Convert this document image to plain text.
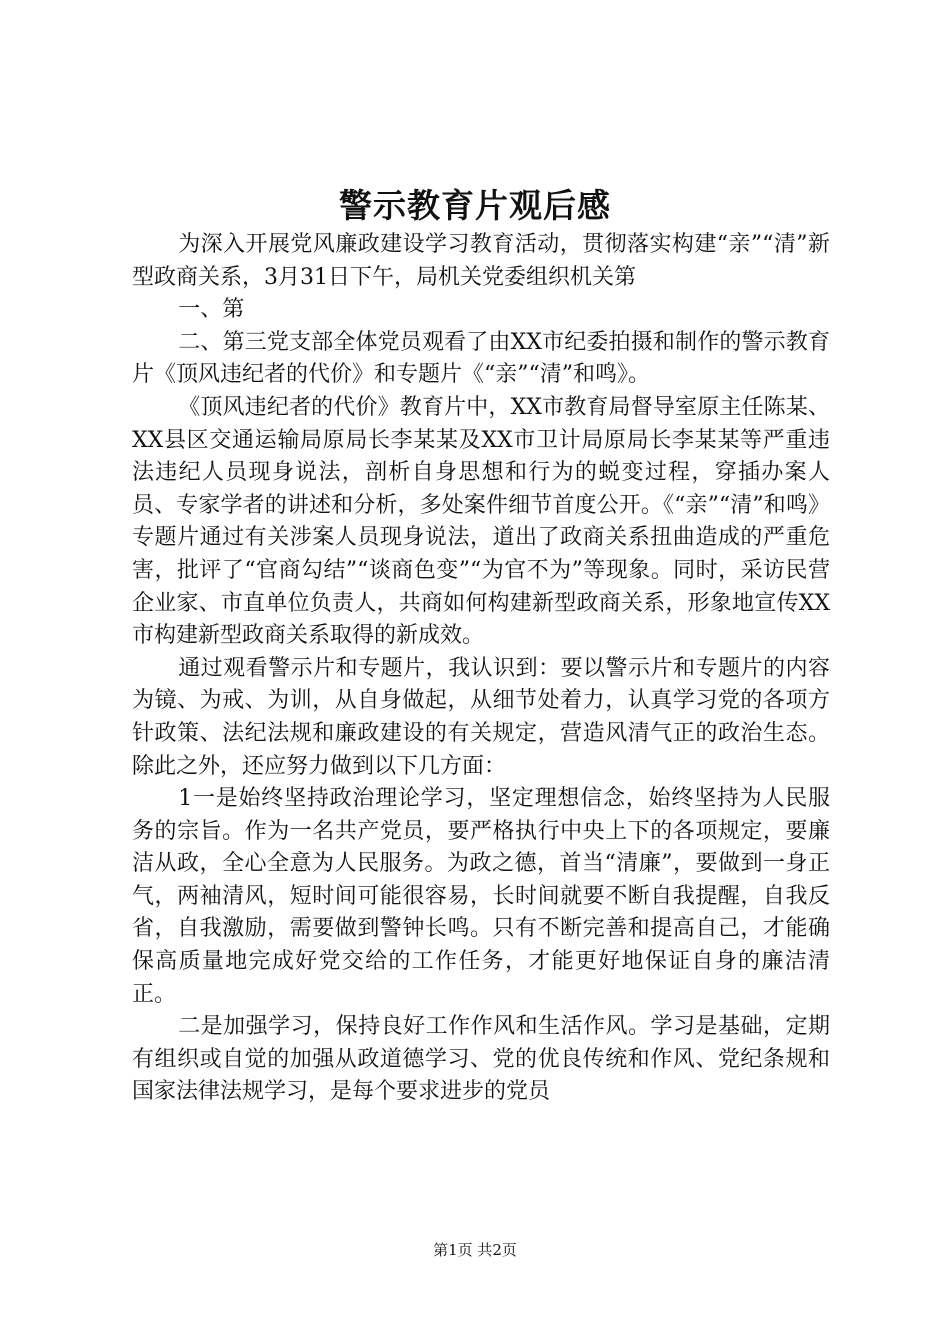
警示教育片观后感

为深入开展党风廉政建设学习教育活动，贯彻落实构建“亲”“清”新型政商关系，3月31日下午，局机关党委组织机关第

一、第

二、第三党支部全体党员观看了由XX市纪委拍摄和制作的警示教育片《顶风违纪者的代价》和专题片《“亲”“清”和鸣》。

《顶风违纪者的代价》教育片中，XX市教育局督导室原主任陈某、XX县区交通运输局原局长李某某及XX市卫计局原局长李某某等严重违法违纪人员现身说法，剖析自身思想和行为的蜕变过程，穿插办案人员、专家学者的讲述和分析，多处案件细节首度公开。《“亲”“清”和鸣》专题片通过有关涉案人员现身说法，道出了政商关系扭曲造成的严重危害，批评了“官商勾结”“谈商色变”“为官不为”等现象。同时，采访民营企业家、市直单位负责人，共商如何构建新型政商关系，形象地宣传XX市构建新型政商关系取得的新成效。

通过观看警示片和专题片，我认识到：要以警示片和专题片的内容为镜、为戒、为训，从自身做起，从细节处着力，认真学习党的各项方针政策、法纪法规和廉政建设的有关规定，营造风清气正的政治生态。除此之外，还应努力做到以下几方面：

1一是始终坚持政治理论学习，坚定理想信念，始终坚持为人民服务的宗旨。作为一名共产党员，要严格执行中央上下的各项规定，要廉洁从政，全心全意为人民服务。为政之德，首当“清廉”，要做到一身正气，两袖清风，短时间可能很容易，长时间就要不断自我提醒，自我反省，自我激励，需要做到警钟长鸣。只有不断完善和提高自己，才能确保高质量地完成好党交给的工作任务，才能更好地保证自身的廉洁清正。

二是加强学习，保持良好工作作风和生活作风。学习是基础，定期有组织或自觉的加强从政道德学习、党的优良传统和作风、党纪条规和国家法律法规学习，是每个要求进步的党员

第1页 共2页
